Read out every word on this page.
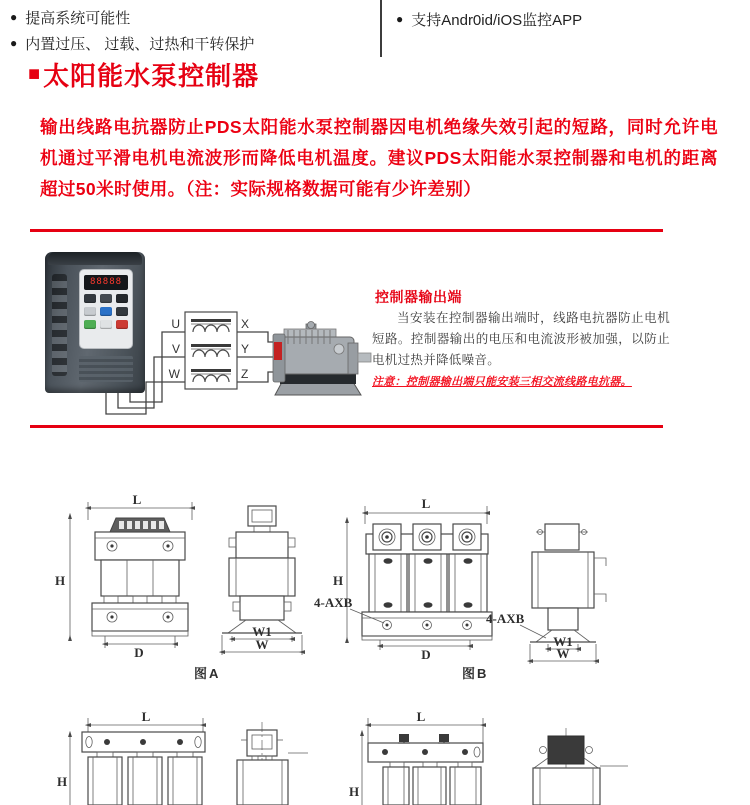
● 提高系统可能性
● 内置过压、 过载、过热和干转保护
● 支持Andr0id/iOS监控APP
■ 太阳能水泵控制器

输出线路电抗器防止PDS太阳能水泵控制器因电机绝缘失效引起的短路，同时允许电机通过平滑电机电流波形而降低电机温度。建议PDS太阳能水泵控制器和电机的距离超过50米时使用。（注：实际规格数据可能有少许差别）

U
V
W
X
Y
Z
88888
控制器输出端

当安装在控制器输出端时，线路电抗器防止电机短路。控制器输出的电压和电流波形被加强，以防止电机过热并降低噪音。

注意：控制器输出端只能安装三相交流线路电抗器。

L
H
D
W1
W
图A
L
H
4-AXB
D
4-AXB
W1
W
图B
L
H
L
H
